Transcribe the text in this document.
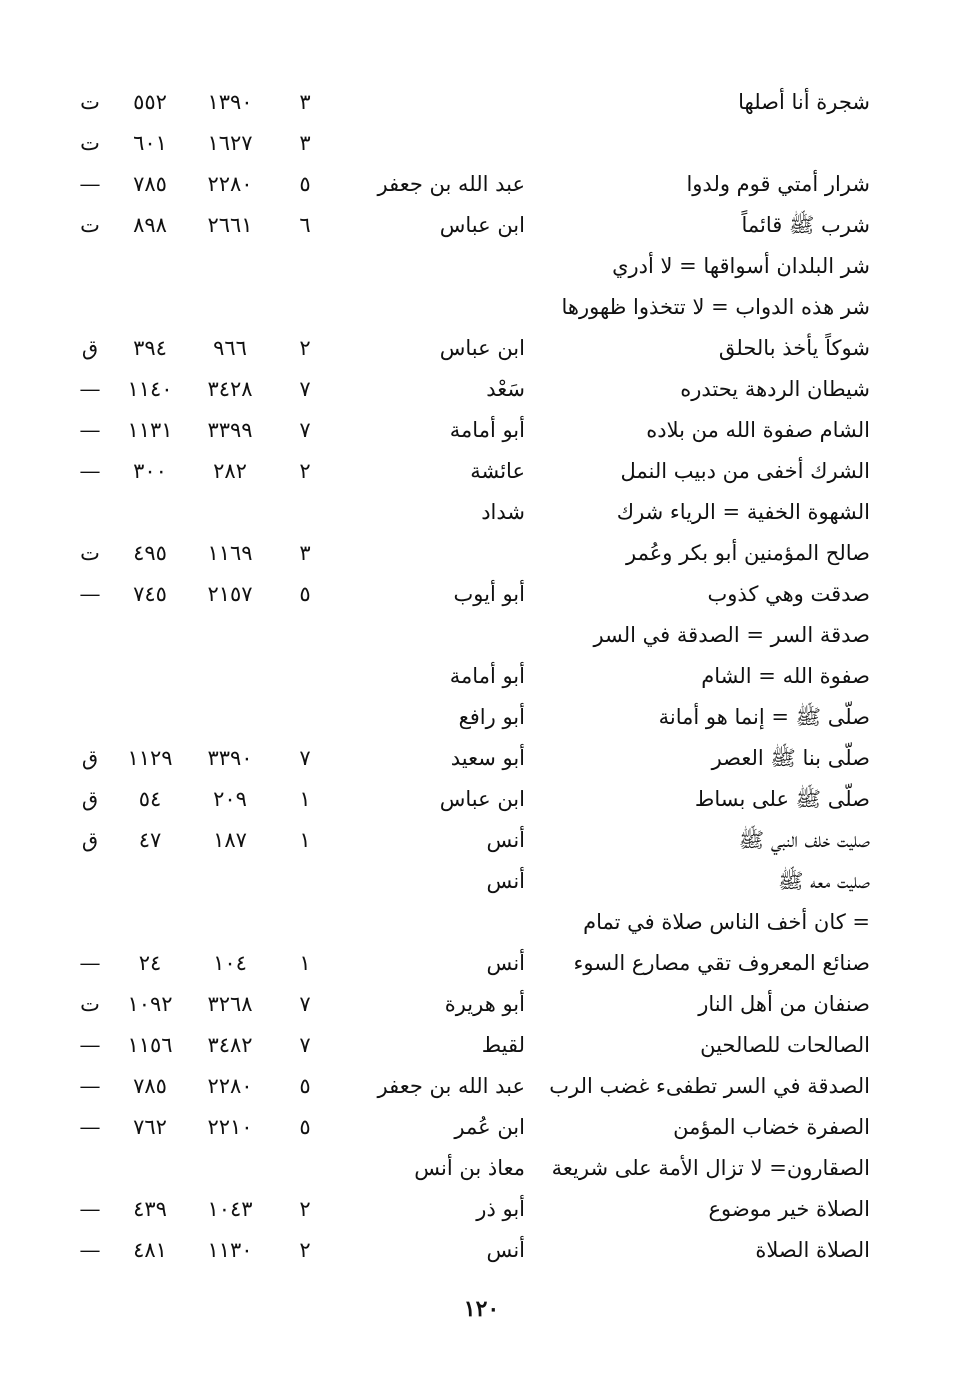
شجرة أنا أصلها
٣
١٣٩٠
٥٥٢
ت
٣
١٦٢٧
٦٠١
ت
شرار أمتي قوم ولدوا
عبد الله بن جعفر
٥
٢٢٨٠
٧٨٥
—
شرب ﷺ قائماً
ابن عباس
٦
٢٦٦١
٨٩٨
ت
شر البلدان أسواقها = لا أدري
شر هذه الدواب = لا تتخذوا ظهورها
شوكاً يأخذ بالحلق
ابن عباس
٢
٩٦٦
٣٩٤
ق
شيطان الردهة يحتدره
سَعْد
٧
٣٤٢٨
١١٤٠
—
الشام صفوة الله من بلاده
أبو أمامة
٧
٣٣٩٩
١١٣١
—
الشرك أخفى من دبيب النمل
عائشة
٢
٢٨٢
٣٠٠
—
الشهوة الخفية = الرياء شرك
شداد
صالح المؤمنين أبو بكر وعُمر
٣
١١٦٩
٤٩٥
ت
صدقت وهي كذوب
أبو أيوب
٥
٢١٥٧
٧٤٥
—
صدقة السر = الصدقة في السر
صفوة الله = الشام
أبو أمامة
صلّى ﷺ = إنما هو أمانة
أبو رافع
صلّى بنا ﷺ العصر
أبو سعيد
٧
٣٣٩٠
١١٢٩
ق
صلّى ﷺ على بساط
ابن عباس
١
٢٠٩
٥٤
ق
صليت خلف النبي ﷺ
أنس
١
١٨٧
٤٧
ق
صليت معه ﷺ
أنس
= كان أخف الناس صلاة في تمام
صنائع المعروف تقي مصارع السوء
أنس
١
١٠٤
٢٤
—
صنفان من أهل النار
أبو هريرة
٧
٣٢٦٨
١٠٩٢
ت
الصالحات للصالحين
لقيط
٧
٣٤٨٢
١١٥٦
—
الصدقة في السر تطفىء غضب الرب
عبد الله بن جعفر
٥
٢٢٨٠
٧٨٥
—
الصفرة خضاب المؤمن
ابن عُمر
٥
٢٢١٠
٧٦٢
—
الصقارون= لا تزال الأمة على شريعة
معاذ بن أنس
الصلاة خير موضوع
أبو ذر
٢
١٠٤٣
٤٣٩
—
الصلاة الصلاة
أنس
٢
١١٣٠
٤٨١
—
١٢٠
